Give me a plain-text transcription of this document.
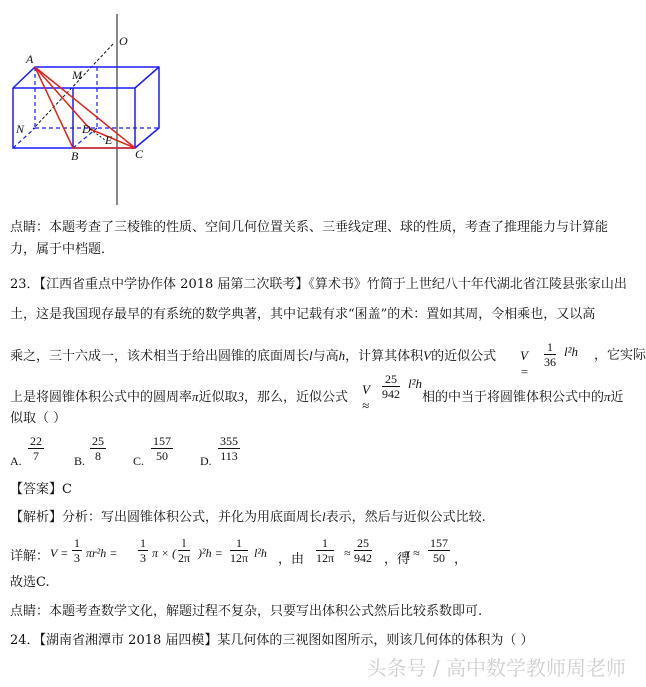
A
M
O
N	D
E
B	C
点睛：本题考查了三棱锥的性质、空间几何位置关系、三垂线定理、球的性质，考查了推理能力与计算能
力，属于中档题．
23．【江西省重点中学协作体 2018 届第二次联考】《算术书》竹简于上世纪八十年代湖北省江陵县张家山出
土，这是我国现存最早的有系统的数学典著，其中记载有求“囷盖”的术：置如其周，令相乘也，又以高
乘之，三十六成一，该术相当于给出圆锥的底面周长l与高h，计算其体积V的近似公式 V =
$\frac{1}{36} l^2h$ ，它实际
上是将圆锥体积公式中的圆周率π近似取3，那么，近似公式
V ≈
$\frac{25}{942} l^2h$
相的中当于将圆锥体积公式中的π近
似取（ ）
A. $\frac{22}{7}$	B. $\frac{25}{8} C$. $\frac{157}{50} D$. $\frac{355}{113}$
【答案】C
【解析】分析：写出圆锥体积公式，并化为用底面周长l表示，然后与近似公式比较.
详解： $V = \frac{1}{3} \pi r^2h = \frac{1}{3}$ π × ( $\frac{l}{2\pi} )^2h = \frac{1}{12\pi} l^2h$ ，由 $\frac{1}{12\pi} \approx \frac{25}{942}$ ，得
$\pi \approx \frac{157}{50}$ ，
故选C.
点睛：本题考查数学文化，解题过程不复杂，只要写出体积公式然后比较系数即可.
24．【湖南省湘潭市 2018 届四模】某几何体的三视图如图所示，则该几何体的体积为（ ）
头条号 / 高中数学教师周老师
